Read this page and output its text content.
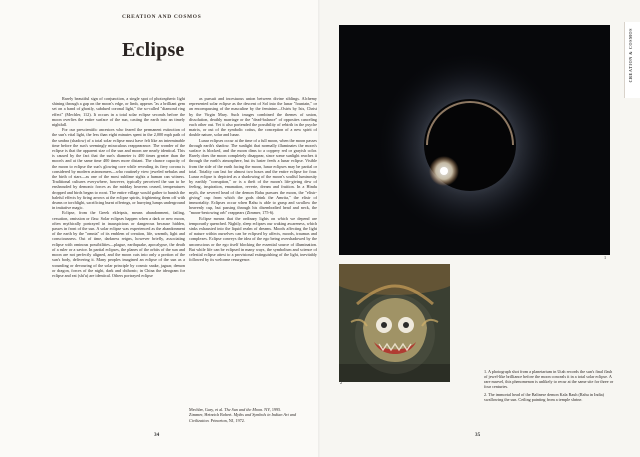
CREATION AND COSMOS
Eclipse

Rarely beautiful sign of conjunction, a single spot of photospheric light shining through a gap on the moon's edge, or limb, appears "as a brilliant gem set on a band of ghostly, subdued coronal light," the so-called "diamond ring effect" (Mechler, 112). It occurs in a total solar eclipse seconds before the moon overlies the entire surface of the sun, casting the earth into an timely nightfall.

For our prescientific ancestors who feared the permanent extinction of the sun's vital light, the less than eight minutes spent in the 2,000 mph path of the umbra (shadow) of a total solar eclipse must have felt like an interminable time before the sun's seemingly miraculous reappearance. The wonder of the eclipse is that the apparent size of the sun and moon are nearly identical. This is caused by the fact that the sun's diameter is 400 times greater than the moon's and at the same time 400 times more distant. The chance capacity of the moon to eclipse the sun's glowing core while revealing its fiery corona is considered by modern astronomers—who routinely view jeweled nebulas and the birth of stars—as one of the most sublime sights a human can witness. Traditional cultures everywhere, however, typically perceived the sun to be enshrouded by demonic forces as the midday heavens ceased, temperatures dropped and birds began to roost. The entire village would gather to banish the baleful effects by firing arrows at the eclipse spirits, frightening them off with drums or torchlight, sacrificing burnt offerings, or hurrying lumps underground in imitative magic.

Eclipse, from the Greek ekleipsis, means abandonment, failing, cessation, omission or flaw. Solar eclipses happen when a dark or new moon, often mythically portrayed in inauspicious or dangerous because hidden, passes in front of the sun. A solar eclipse was experienced as the abandonment of the earth by the "omnia" of its emblem of creation, life, warmth, light and consciousness. Out of time, darkness reigns, however briefly, associating eclipse with ominous possibilities—plague, earthquake, apocalypse, the death of a ruler or a savior. In partial eclipses, the planes of the orbits of the sun and moon are not perfectly aligned, and the moon cuts into only a portion of the sun's body, delivering it. Many peoples imagined an eclipse of the sun as a wounding or devouring of the solar principle by cosmic snake, jaguar, demon or dragon, forces of the night, dark and chthonic; in China the ideogram for eclipse and eat (shi'u) are identical. Others portrayed eclipse

as pursuit and incestuous union between divine siblings. Alchemy represented solar eclipse as the descent of Sol into the lunar "fountain," or an encompassing of the masculine by the feminine—Osiris by Isis, Christ by the Virgin Mary. Such images combined the themes of union, dissolution, deathly marriage or the "dead-balance" of opposites canceling each other out. Yet it also portended the possibility of rebirth in the psyche matrix, or out of the symbolic coitus, the conception of a new spirit of double nature, solar and lunar.

Lunar eclipses occur at the time of a full moon, when the moon passes through earth's shadow. The sunlight that normally illuminates the moon's surface is blocked, and the moon dims to a coppery red or grayish color. Rarely does the moon completely disappear, since some sunlight reaches it through the earth's atmosphere, but its luster feeds a lunar eclipse. Visible from the side of the earth facing the moon, lunar eclipses may be partial or total. Totality can last for almost two hours and the entire eclipse for four. Lunar eclipse is depicted as a shadowing of the moon's soulful luminosity by earthly "corruption," or is a theft of the moon's life-giving dew of feeling, inspiration, emanation, reverie, dream and fruition. In a Hindu myth, the severed head of the demon Rahu pursues the moon, the "elixir-giving" cup from which the gods drink the Amrita," the elixir of immortality. Eclipses occur when Rahu is able to grasp and swallow the heavenly cup, but passing through his disembodied head and neck, the "moon-bestowing orb" reappears (Zimmer, 175-6).

Eclipse means that the ordinary lights on which we depend are temporarily quenched. Nightly, sleep eclipses our waking awareness, which sinks exhausted into the liquid realm of dreams. Moods affecting the light of nature within ourselves can be eclipsed by affects, moods, traumas and complexes. Eclipse conveys the idea of the ego being overshadowed by the unconscious or the ego itself blocking the essential source of illumination. But while life can be eclipsed in many ways, the symbolism and science of celestial eclipse attest to a provisional extinguishing of the light, inevitably followed by its welcome resurgence.

Mechler, Gary, et al. The Sun and the Moon. NY, 1995.
Zimmer, Heinrich Robert. Myths and Symbols in Indian Art and Civilization. Princeton, NJ, 1972.
34
CREATION & COSMOS
1
2

1. A photograph shot from a planetarium in Utah records the sun's final flash of jewel-like brilliance before the moon conceals it in a total solar eclipse. A rare marvel, this phenomenon is unlikely to recur at the same site for three or four centuries.

2. The immortal head of the Balinese demon Kala Rauh (Rahu in India) swallowing the sun. Ceiling painting from a temple shrine.

35
